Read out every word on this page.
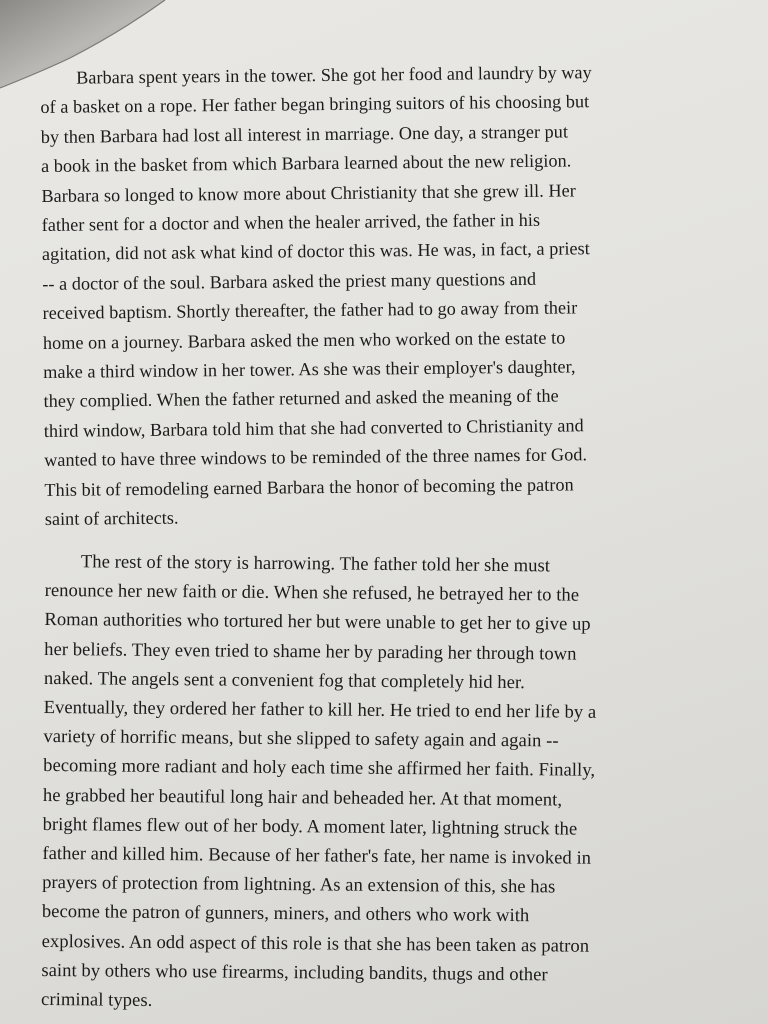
Barbara spent years in the tower. She got her food and laundry by way
of a basket on a rope. Her father began bringing suitors of his choosing but
by then Barbara had lost all interest in marriage. One day, a stranger put
a book in the basket from which Barbara learned about the new religion.
Barbara so longed to know more about Christianity that she grew ill. Her
father sent for a doctor and when the healer arrived, the father in his
agitation, did not ask what kind of doctor this was. He was, in fact, a priest
-- a doctor of the soul. Barbara asked the priest many questions and
received baptism. Shortly thereafter, the father had to go away from their
home on a journey. Barbara asked the men who worked on the estate to
make a third window in her tower. As she was their employer's daughter,
they complied. When the father returned and asked the meaning of the
third window, Barbara told him that she had converted to Christianity and
wanted to have three windows to be reminded of the three names for God.
This bit of remodeling earned Barbara the honor of becoming the patron
saint of architects.
The rest of the story is harrowing. The father told her she must
renounce her new faith or die. When she refused, he betrayed her to the
Roman authorities who tortured her but were unable to get her to give up
her beliefs. They even tried to shame her by parading her through town
naked. The angels sent a convenient fog that completely hid her.
Eventually, they ordered her father to kill her. He tried to end her life by a
variety of horrific means, but she slipped to safety again and again --
becoming more radiant and holy each time she affirmed her faith. Finally,
he grabbed her beautiful long hair and beheaded her. At that moment,
bright flames flew out of her body. A moment later, lightning struck the
father and killed him. Because of her father's fate, her name is invoked in
prayers of protection from lightning. As an extension of this, she has
become the patron of gunners, miners, and others who work with
explosives. An odd aspect of this role is that she has been taken as patron
saint by others who use firearms, including bandits, thugs and other
criminal types.
